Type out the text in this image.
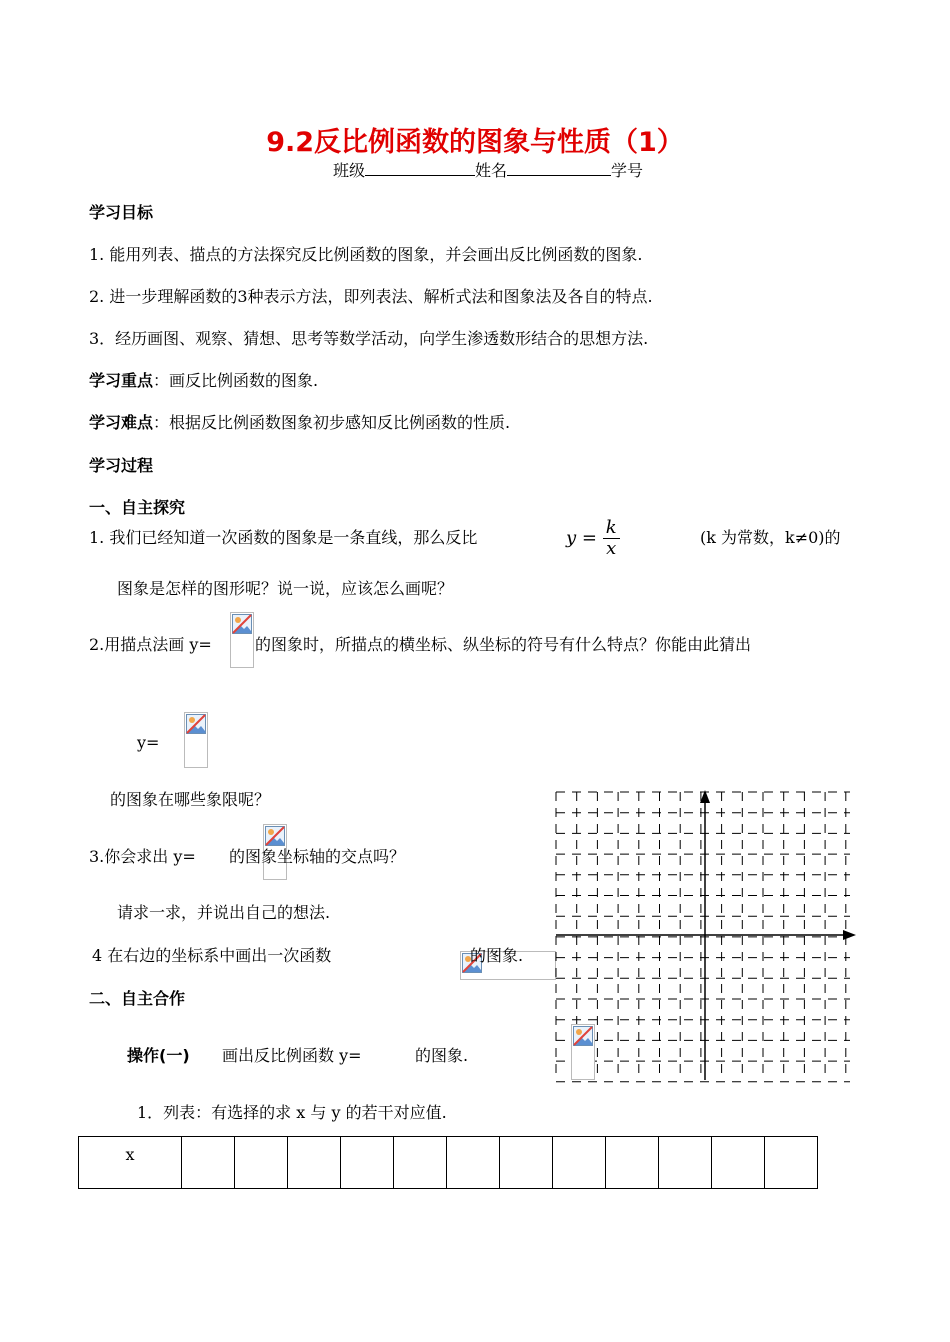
9.2反比例函数的图象与性质（1）
班级	姓名	学号
学习目标
1. 能用列表、描点的方法探究反比例函数的图象，并会画出反比例函数的图象.
2. 进一步理解函数的3种表示方法，即列表法、解析式法和图象法及各自的特点.
3．经历画图、观察、猜想、思考等数学活动，向学生渗透数形结合的思想方法.
学习重点：画反比例函数的图象.
学习难点：根据反比例函数图象初步感知反比例函数的性质.
学习过程
一、自主探究
1. 我们已经知道一次函数的图象是一条直线，那么反比	$y = \frac{k}{x}$	(k 为常数，k≠0)的
图象是怎样的图形呢？说一说，应该怎么画呢？
2.用描点法画 y=
	的图象时，所描点的横坐标、纵坐标的符号有什么特点？你能由此猜出
y=

的图象在哪些象限呢？
3.你会求出 y=
的图象坐标轴的交点吗？
请求一求，并说出自己的想法.
4 在右边的坐标系中画出一次函数
	的图象.
二、自主合作
操作(一) 画出反比例函数 y=	的图象.
1．列表：有选择的求 x 与 y 的若干对应值.
x												
